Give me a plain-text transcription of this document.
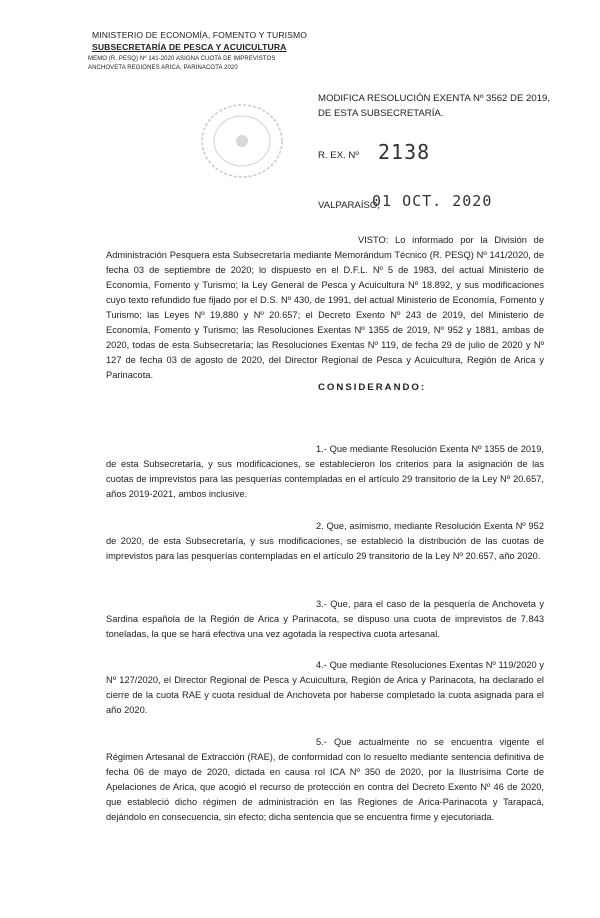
MINISTERIO DE ECONOMÍA, FOMENTO Y TURISMO
SUBSECRETARÍA DE PESCA Y ACUICULTURA
MEMO (R. PESQ) Nº 141-2020 ASIGNA CUOTA DE IMPREVISTOS
ANCHOVETA REGIONES ARICA, PARINACOTA 2020
MODIFICA RESOLUCIÓN EXENTA Nº 3562 DE 2019,
DE ESTA SUBSECRETARÍA.
R. EX. Nº 2138
VALPARAÍSO,
01 OCT. 2020

VISTO: Lo informado por la División de Administración Pesquera esta Subsecretaría mediante Memorándum Técnico (R. PESQ) Nº 141/2020, de fecha 03 de septiembre de 2020; lo dispuesto en el D.F.L. Nº 5 de 1983, del actual Ministerio de Economía, Fomento y Turismo; la Ley General de Pesca y Acuicultura Nº 18.892, y sus modificaciones cuyo texto refundido fue fijado por el D.S. Nº 430, de 1991, del actual Ministerio de Economía, Fomento y Turismo; las Leyes Nº 19.880 y Nº 20.657; el Decreto Exento Nº 243 de 2019, del Ministerio de Economía, Fomento y Turismo; las Resoluciones Exentas Nº 1355 de 2019, Nº 952 y 1881, ambas de 2020, todas de esta Subsecretaría; las Resoluciones Exentas Nº 119, de fecha 29 de julio de 2020 y Nº 127 de fecha 03 de agosto de 2020, del Director Regional de Pesca y Acuicultura, Región de Arica y Parinacota.

CONSIDERANDO:

1.- Que mediante Resolución Exenta Nº 1355 de 2019, de esta Subsecretaría, y sus modificaciones, se establecieron los criterios para la asignación de las cuotas de imprevistos para las pesquerías contempladas en el artículo 29 transitorio de la Ley Nº 20.657, años 2019-2021, ambos inclusive.

2. Que, asimismo, mediante Resolución Exenta Nº 952 de 2020, de esta Subsecretaría, y sus modificaciones, se estableció la distribución de las cuotas de imprevistos para las pesquerías contempladas en el artículo 29 transitorio de la Ley Nº 20.657, año 2020.

3.- Que, para el caso de la pesquería de Anchoveta y Sardina española de la Región de Arica y Parinacota, se dispuso una cuota de imprevistos de 7.843 toneladas, la que se hará efectiva una vez agotada la respectiva cuota artesanal.

4.- Que mediante Resoluciones Exentas Nº 119/2020 y Nº 127/2020, el Director Regional de Pesca y Acuicultura, Región de Arica y Parinacota, ha declarado el cierre de la cuota RAE y cuota residual de Anchoveta por haberse completado la cuota asignada para el año 2020.

5.- Que actualmente no se encuentra vigente el Régimen Artesanal de Extracción (RAE), de conformidad con lo resuelto mediante sentencia definitiva de fecha 06 de mayo de 2020, dictada en causa rol ICA Nº 350 de 2020, por la Ilustrísima Corte de Apelaciones de Arica, que acogió el recurso de protección en contra del Decreto Exento Nº 46 de 2020, que estableció dicho régimen de administración en las Regiones de Arica-Parinacota y Tarapacá, dejándolo en consecuencia, sin efecto; dicha sentencia que se encuentra firme y ejecutoriada.
